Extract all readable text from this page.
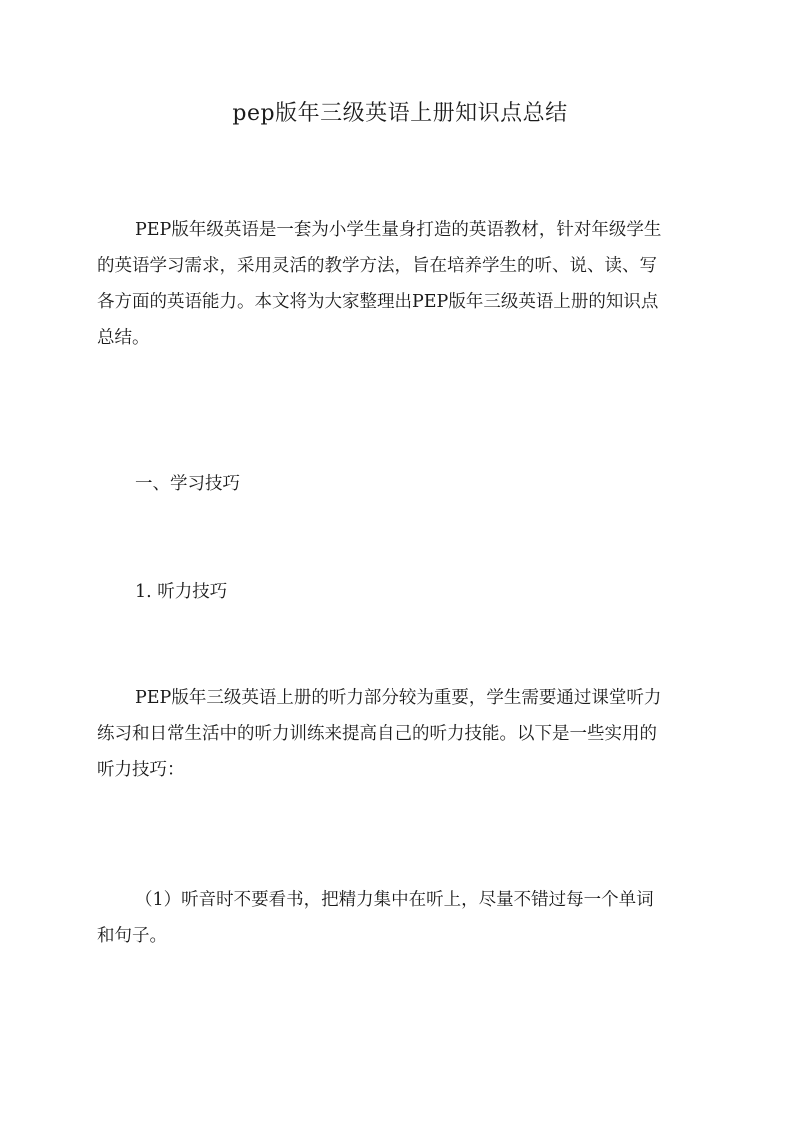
pep版年三级英语上册知识点总结

PEP版年级英语是一套为小学生量身打造的英语教材，针对年级学生
的英语学习需求，采用灵活的教学方法，旨在培养学生的听、说、读、写
各方面的英语能力。本文将为大家整理出PEP版年三级英语上册的知识点
总结。

一、学习技巧

1. 听力技巧

PEP版年三级英语上册的听力部分较为重要，学生需要通过课堂听力
练习和日常生活中的听力训练来提高自己的听力技能。以下是一些实用的
听力技巧：

（1）听音时不要看书，把精力集中在听上，尽量不错过每一个单词
和句子。
